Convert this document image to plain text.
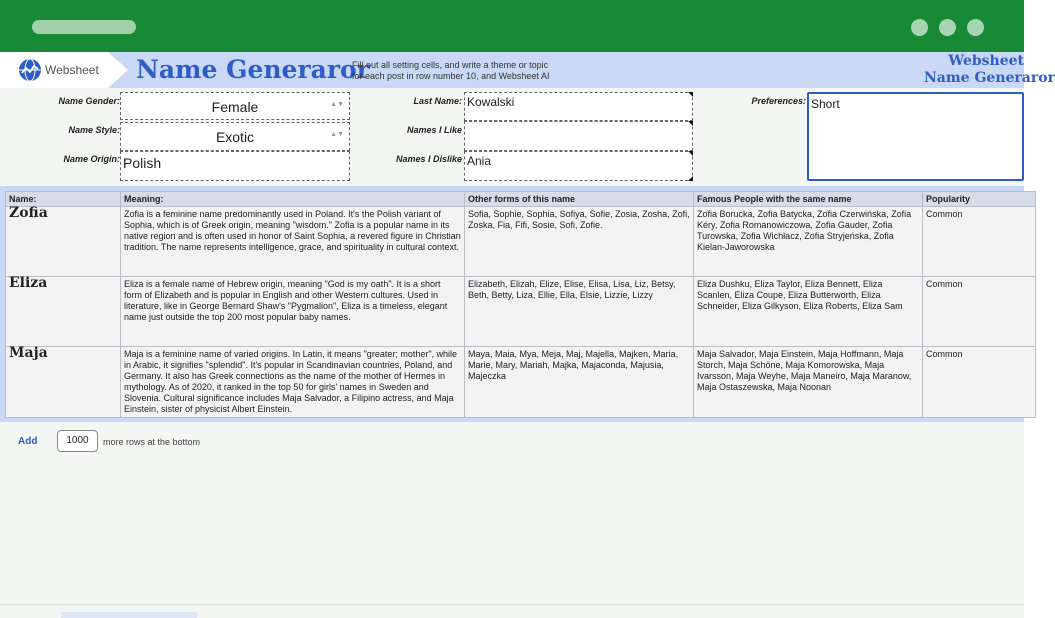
Websheet Name Generaror
Fill out all setting cells, and write a theme or topic
for each post in row number 10, and Websheet AI
Websheet
Name Generaror
Name Gender:	Female	▲▼
Name Style:	Exotic	▲▼
Name Origin: Polish
Last Name: Kowalski
Names I Like
Names I Dislike Ania
Preferences: Short
Name:	Meaning:	Other forms of this name	Famous People with the same name	Popularity
Zofia	Zofia is a feminine name predominantly used in Poland. It's the Polish variant of Sophia, which is of Greek origin, meaning "wisdom." Zofia is a popular name in its native region and is often used in honor of Saint Sophia, a revered figure in Christian tradition. The name represents intelligence, grace, and spirituality in cultural context.	Sofia, Sophie, Sophia, Sofiya, Sofie, Zosia, Zosha, Zofi, Zoska, Fia, Fifi, Sosie, Sofi, Zofie.	Zofia Borucka, Zofia Batycka, Zofia Czerwińska, Zofia Kéry, Zofia Romanowiczowa, Zofia Gauder, Zofia Turowska, Zofia Wichłacz, Zofia Stryjeńska, Zofia Kielan-Jaworowska	Common
Eliza	Eliza is a female name of Hebrew origin, meaning "God is my oath". It is a short form of Elizabeth and is popular in English and other Western cultures. Used in literature, like in George Bernard Shaw's "Pygmalion", Eliza is a timeless, elegant name just outside the top 200 most popular baby names.	Elizabeth, Elizah, Elize, Elise, Elisa, Lisa, Liz, Betsy, Beth, Betty, Liza, Ellie, Ella, Elsie, Lizzie, Lizzy	Eliza Dushku, Eliza Taylor, Eliza Bennett, Eliza Scanlen, Eliza Coupe, Eliza Butterworth, Eliza Schneider, Eliza Gilkyson, Eliza Roberts, Eliza Sam	Common
Maja	Maja is a feminine name of varied origins. In Latin, it means "greater; mother", while in Arabic, it signifies "splendid". It's popular in Scandinavian countries, Poland, and Germany. It also has Greek connections as the name of the mother of Hermes in mythology. As of 2020, it ranked in the top 50 for girls' names in Sweden and Slovenia. Cultural significance includes Maja Salvador, a Filipino actress, and Maja Einstein, sister of physicist Albert Einstein.	Maya, Maia, Mya, Meja, Maj, Majella, Majken, Maria, Marie, Mary, Mariah, Majka, Majaconda, Majusia, Majeczka	Maja Salvador, Maja Einstein, Maja Hoffmann, Maja Storch, Maja Schöne, Maja Komorowska, Maja Ivarsson, Maja Weyhe, Maja Maneiro, Maja Maranow, Maja Ostaszewska, Maja Noonan	Common
Add	1000	more rows at the bottom
